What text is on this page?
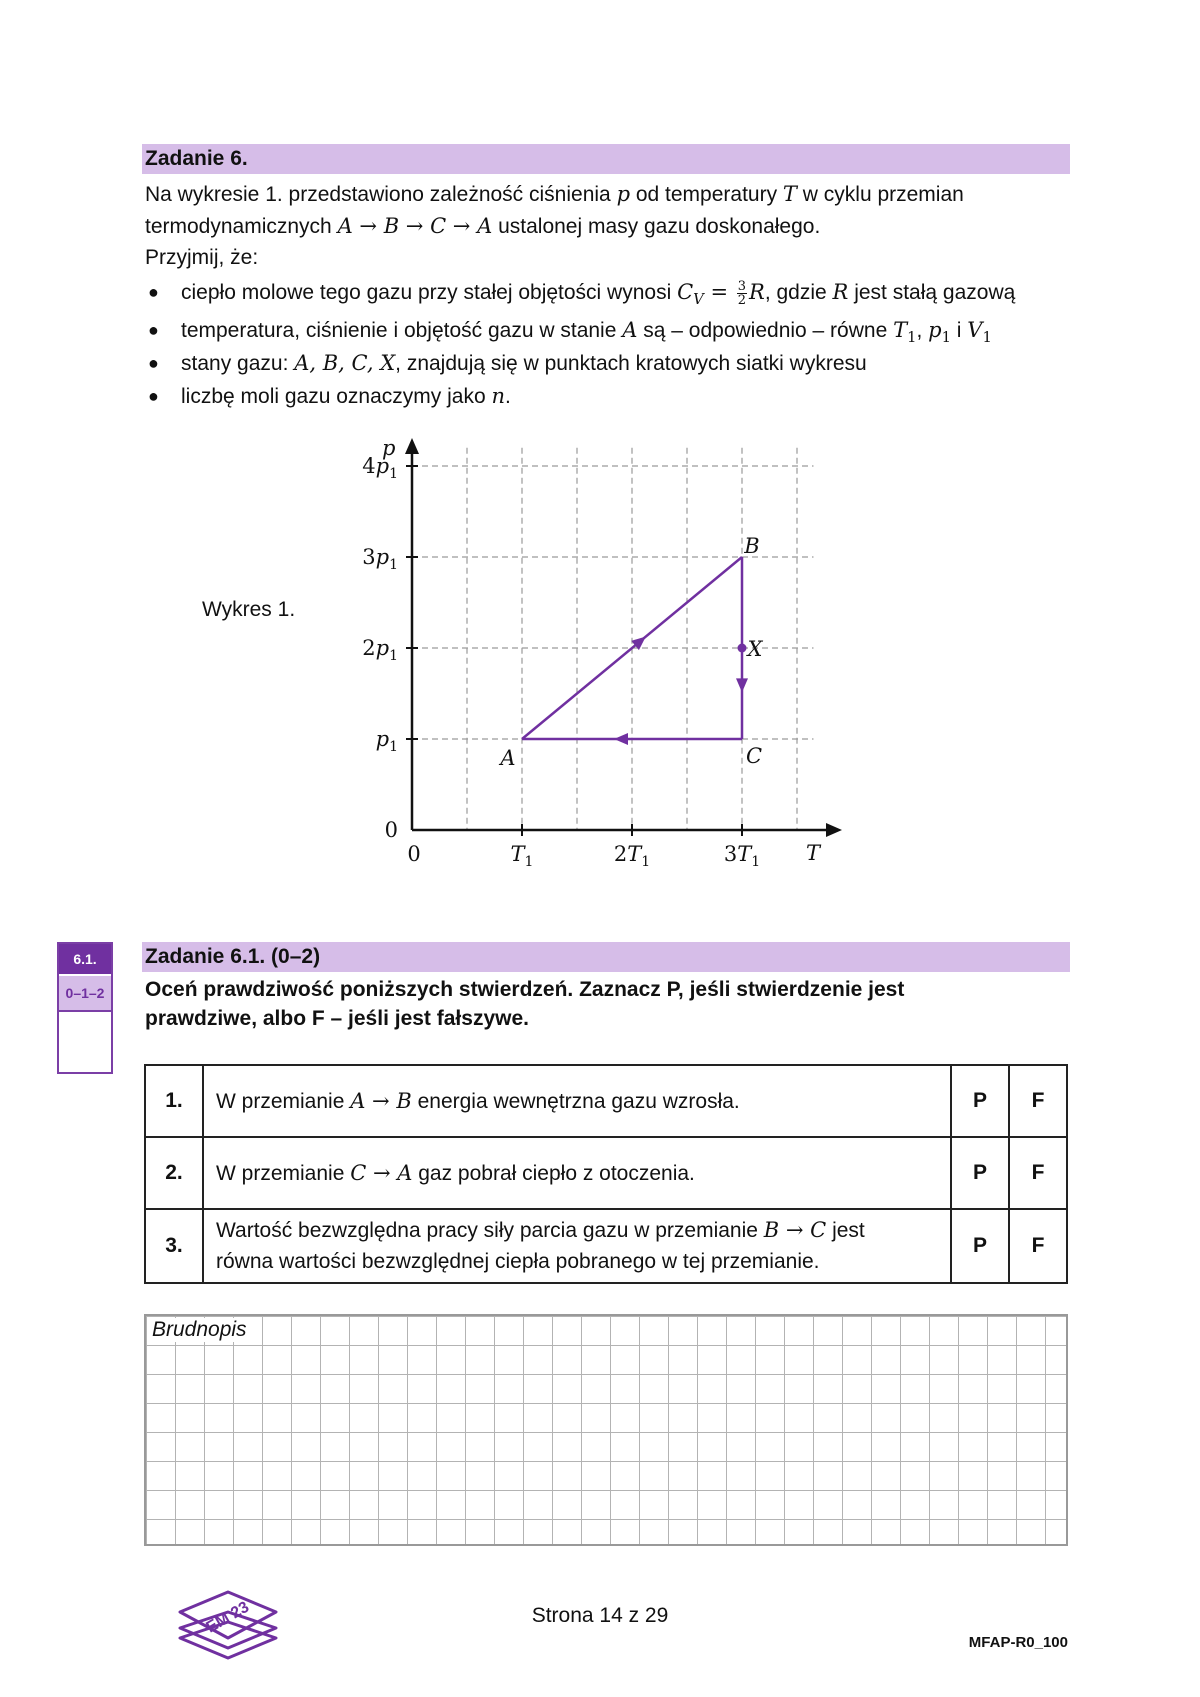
Zadanie 6.
Na wykresie 1. przedstawiono zależność ciśnienia p od temperatury T w cyklu przemian
termodynamicznych A → B → C → A ustalonej masy gazu doskonałego.
Przyjmij, że:
● ciepło molowe tego gazu przy stałej objętości wynosi $C_V = \frac{3}{2} R$, gdzie R jest stałą gazową
● temperatura, ciśnienie i objętość gazu w stanie A są – odpowiednio – równe $T_1$, $p_1$ i $V_1$
● stany gazu: A, B, C, X, znajdują się w punktach kratowych siatki wykresu
● liczbę moli gazu oznaczymy jako n.
Wykres 1.
p
T
0
$p_1$
$2p_1$
$3p_1$
$4p_1$
0	$T_1$	$2T_1$	$3T_1$
A
B
C
X
6.1.
0–1–2
Zadanie 6.1. (0–2)
Oceń prawdziwość poniższych stwierdzeń. Zaznacz P, jeśli stwierdzenie jest
prawdziwe, albo F – jeśli jest fałszywe.
1.	W przemianie A → B energia wewnętrzna gazu wzrosła.	P	F
2.	W przemianie C → A gaz pobrał ciepło z otoczenia.	P	F
3.	Wartość bezwzględna pracy siły parcia gazu w przemianie B → C jest
równa wartości bezwzględnej ciepła pobranego w tej przemianie.	P	F
Brudnopis
EM 23	Strona 14 z 29
MFAP-R0_100
